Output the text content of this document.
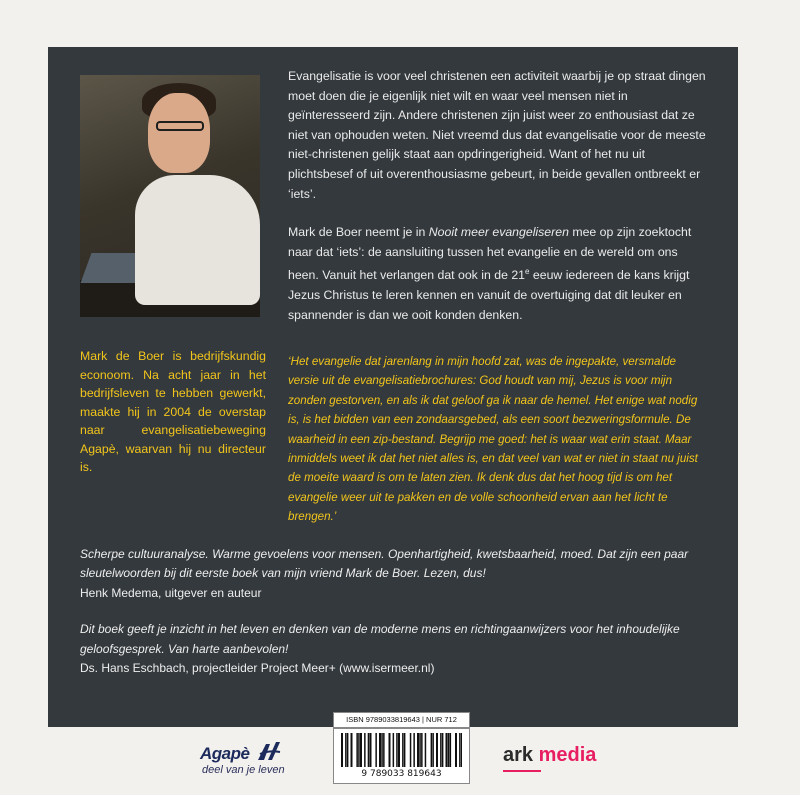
Mark de Boer is bedrijfskundig econoom. Na acht jaar in het bedrijfsleven te hebben gewerkt, maakte hij in 2004 de overstap naar evangelisatiebeweging Agapè, waarvan hij nu directeur is.

Evangelisatie is voor veel christenen een activiteit waarbij je op straat dingen moet doen die je eigenlijk niet wilt en waar veel mensen niet in geïnteresseerd zijn. Andere christenen zijn juist weer zo enthousiast dat ze niet van ophouden weten. Niet vreemd dus dat evangelisatie voor de meeste niet-christenen gelijk staat aan opdringerigheid. Want of het nu uit plichtsbesef of uit overenthousiasme gebeurt, in beide gevallen ontbreekt er ‘iets’.

Mark de Boer neemt je in Nooit meer evangeliseren mee op zijn zoektocht naar dat ‘iets’: de aansluiting tussen het evangelie en de wereld om ons heen. Vanuit het verlangen dat ook in de 21e eeuw iedereen de kans krijgt Jezus Christus te leren kennen en vanuit de overtuiging dat dit leuker en spannender is dan we ooit konden denken.

‘Het evangelie dat jarenlang in mijn hoofd zat, was de ingepakte, versmalde versie uit de evangelisatiebrochures: God houdt van mij, Jezus is voor mijn zonden gestorven, en als ik dat geloof ga ik naar de hemel. Het enige wat nodig is, is het bidden van een zondaarsgebed, als een soort bezweringsformule. De waarheid in een zip-bestand. Begrijp me goed: het is waar wat erin staat. Maar inmiddels weet ik dat het niet alles is, en dat veel van wat er niet in staat nu juist de moeite waard is om te laten zien. Ik denk dus dat het hoog tijd is om het evangelie weer uit te pakken en de volle schoonheid ervan aan het licht te brengen.’

Scherpe cultuuranalyse. Warme gevoelens voor mensen. Openhartigheid, kwetsbaarheid, moed. Dat zijn een paar sleutelwoorden bij dit eerste boek van mijn vriend Mark de Boer. Lezen, dus!
Henk Medema, uitgever en auteur
Dit boek geeft je inzicht in het leven en denken van de moderne mens en richtingaanwijzers voor het inhoudelijke geloofsgesprek. Van harte aanbevolen!
Ds. Hans Eschbach, projectleider Project Meer+ (www.isermeer.nl)
ISBN 9789033819643 | NUR 712
9 789033 819643
Agapè
deel van je leven
ark media
